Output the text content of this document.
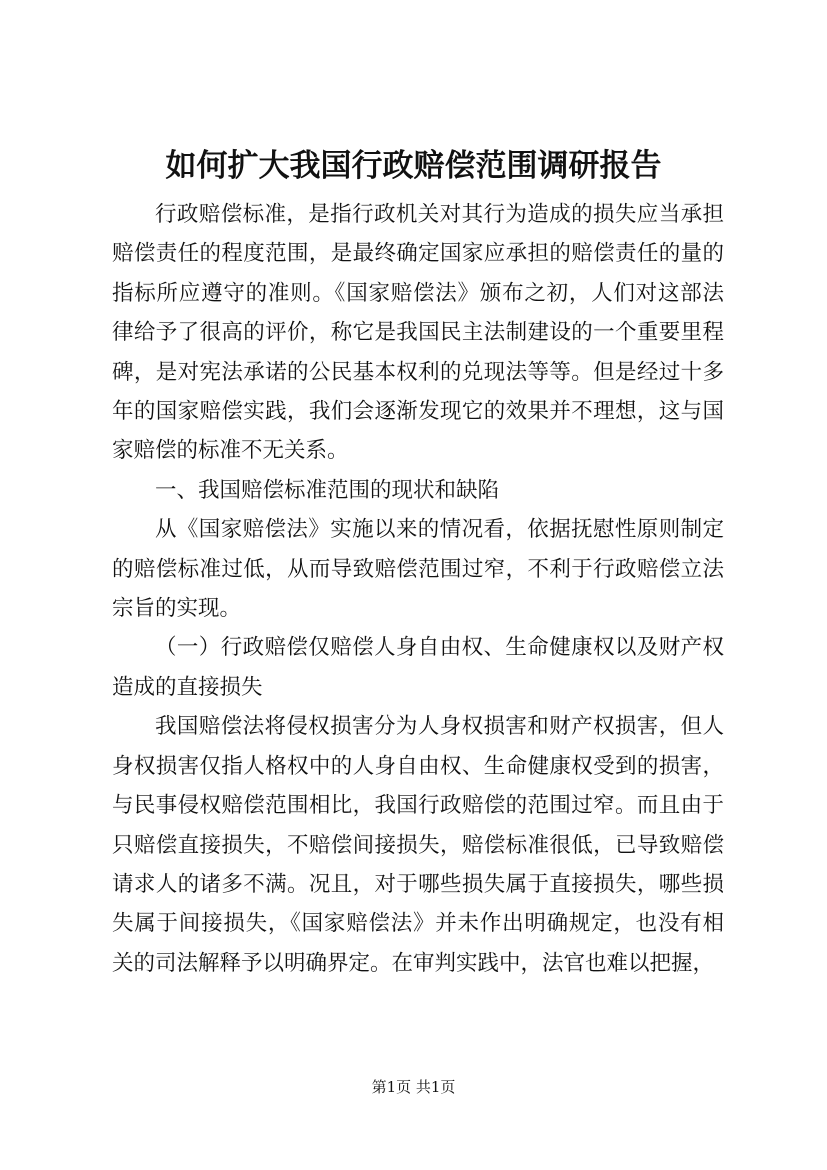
如何扩大我国行政赔偿范围调研报告

行政赔偿标准，是指行政机关对其行为造成的损失应当承担赔偿责任的程度范围，是最终确定国家应承担的赔偿责任的量的指标所应遵守的准则。《国家赔偿法》颁布之初，人们对这部法律给予了很高的评价，称它是我国民主法制建设的一个重要里程碑，是对宪法承诺的公民基本权利的兑现法等等。但是经过十多年的国家赔偿实践，我们会逐渐发现它的效果并不理想，这与国家赔偿的标准不无关系。

一、我国赔偿标准范围的现状和缺陷

从《国家赔偿法》实施以来的情况看，依据抚慰性原则制定的赔偿标准过低，从而导致赔偿范围过窄，不利于行政赔偿立法宗旨的实现。

（一）行政赔偿仅赔偿人身自由权、生命健康权以及财产权造成的直接损失

我国赔偿法将侵权损害分为人身权损害和财产权损害，但人身权损害仅指人格权中的人身自由权、生命健康权受到的损害，与民事侵权赔偿范围相比，我国行政赔偿的范围过窄。而且由于只赔偿直接损失，不赔偿间接损失，赔偿标准很低，已导致赔偿请求人的诸多不满。况且，对于哪些损失属于直接损失，哪些损失属于间接损失，《国家赔偿法》并未作出明确规定，也没有相关的司法解释予以明确界定。在审判实践中，法官也难以把握，

第1页 共1页
